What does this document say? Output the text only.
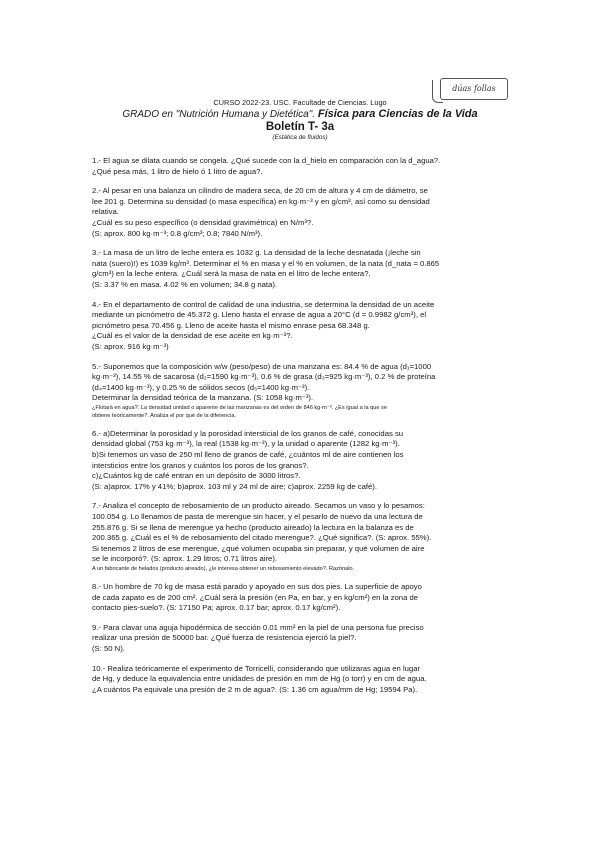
dúas follas

CURSO 2022-23. USC. Facultade de Ciencias. Lugo

GRADO en "Nutrición Humana y Dietética". Física para Ciencias de la Vida

Boletín T- 3a

(Estática de fluidos)

1.- El agua se dilata cuando se congela. ¿Qué sucede con la d_hielo en comparación con la d_agua?.

¿Qué pesa más, 1 litro de hielo ó 1 litro de agua?.

2.- Al pesar en una balanza un cilindro de madera seca, de 20 cm de altura y 4 cm de diámetro, se

lee 201 g. Determina su densidad (o masa específica) en kg·m⁻³ y en g/cm³, así como su densidad

relativa.

¿Cuál es su peso específico (o densidad gravimétrica) en N/m³?.

(S: aprox. 800 kg·m⁻³; 0.8 g/cm³; 0.8; 7840 N/m³).

3.- La masa de un litro de leche entera es 1032 g. La densidad de la leche desnatada (¡leche sin

nata (suero)!) es 1039 kg/m³. Determinar el % en masa y el % en volumen, de la nata (d_nata = 0.865

g/cm³) en la leche entera. ¿Cuál será la masa de nata en el litro de leche entera?.

(S: 3.37 % en masa. 4.02 % en volumen; 34.8 g nata).

4.- En el departamento de control de calidad de una industria, se determina la densidad de un aceite

mediante un picnómetro de 45.372 g. Lleno hasta el enrase de agua a 20°C (d = 0.9982 g/cm³), el

picnómetro pesa 70.456 g. Lleno de aceite hasta el mismo enrase pesa 68.348 g.

¿Cuál es el valor de la densidad de ese aceite en kg·m⁻³?.

(S: aprox. 916 kg·m⁻³)

5.- Suponemos que la composición w/w (peso/peso) de una manzana es: 84.4 % de agua (d₁=1000

kg·m⁻³), 14.55 % de sacarosa (d₂=1590 kg·m⁻³), 0.6 % de grasa (d₃=925 kg·m⁻³), 0.2 % de proteína

(d₄=1400 kg·m⁻³), y 0.25 % de sólidos secos (d₅=1400 kg·m⁻³).

Determinar la densidad teórica de la manzana. (S: 1058 kg·m⁻³).

¿Flotará en agua?. La densidad unidad o aparente de las manzanas es del orden de 846 kg·m⁻³. ¿Es igual a la que se

obtiene teóricamente?. Analiza el por qué de la diferencia.

6.- a)Determinar la porosidad y la porosidad intersticial de los granos de café, conocidas su

densidad global (753 kg·m⁻³), la real (1538 kg·m⁻³), y la unidad o aparente (1282 kg·m⁻³).

b)Si tenemos un vaso de 250 ml lleno de granos de café, ¿cuántos ml de aire contienen los

intersticios entre los granos y cuántos los poros de los granos?.

c)¿Cuántos kg de café entran en un depósito de 3000 litros?.

(S: a)aprox. 17% y 41%; b)aprox. 103 ml y 24 ml de aire; c)aprox. 2259 kg de café).

7.- Analiza el concepto de rebosamiento de un producto aireado. Secamos un vaso y lo pesamos:

100.054 g. Lo llenamos de pasta de merengue sin hacer, y el pesarlo de nuevo da una lectura de

255.876 g. Si se llena de merengue ya hecho (producto aireado) la lectura en la balanza es de

200.365 g. ¿Cuál es el % de rebosamiento del citado merengue?. ¿Qué significa?. (S: aprox. 55%).

Si tenemos 2 litros de ese merengue, ¿qué volumen ocupaba sin preparar, y qué volumen de aire

se le incorporó?. (S: aprox. 1.29 litros; 0.71 litros aire).

A un fabricante de helados (producto aireado), ¿le interesa obtener un rebosamiento elevado?. Razónalo.

8.- Un hombre de 70 kg de masa está parado y apoyado en sus dos pies. La superficie de apoyo

de cada zapato es de 200 cm². ¿Cuál será la presión (en Pa, en bar, y en kg/cm²) en la zona de

contacto pies-suelo?. (S: 17150 Pa; aprox. 0.17 bar; aprox. 0.17 kg/cm²).

9.- Para clavar una aguja hipodérmica de sección 0.01 mm² en la piel de una persona fue preciso

realizar una presión de 50000 bar. ¿Qué fuerza de resistencia ejerció la piel?.

(S: 50 N).

10.- Realiza teóricamente el experimento de Torricelli, considerando que utilizaras agua en lugar

de Hg, y deduce la equivalencia entre unidades de presión en mm de Hg (o torr) y en cm de agua.

¿A cuántos Pa equivale una presión de 2 m de agua?. (S: 1.36 cm agua/mm de Hg; 19594 Pa).
